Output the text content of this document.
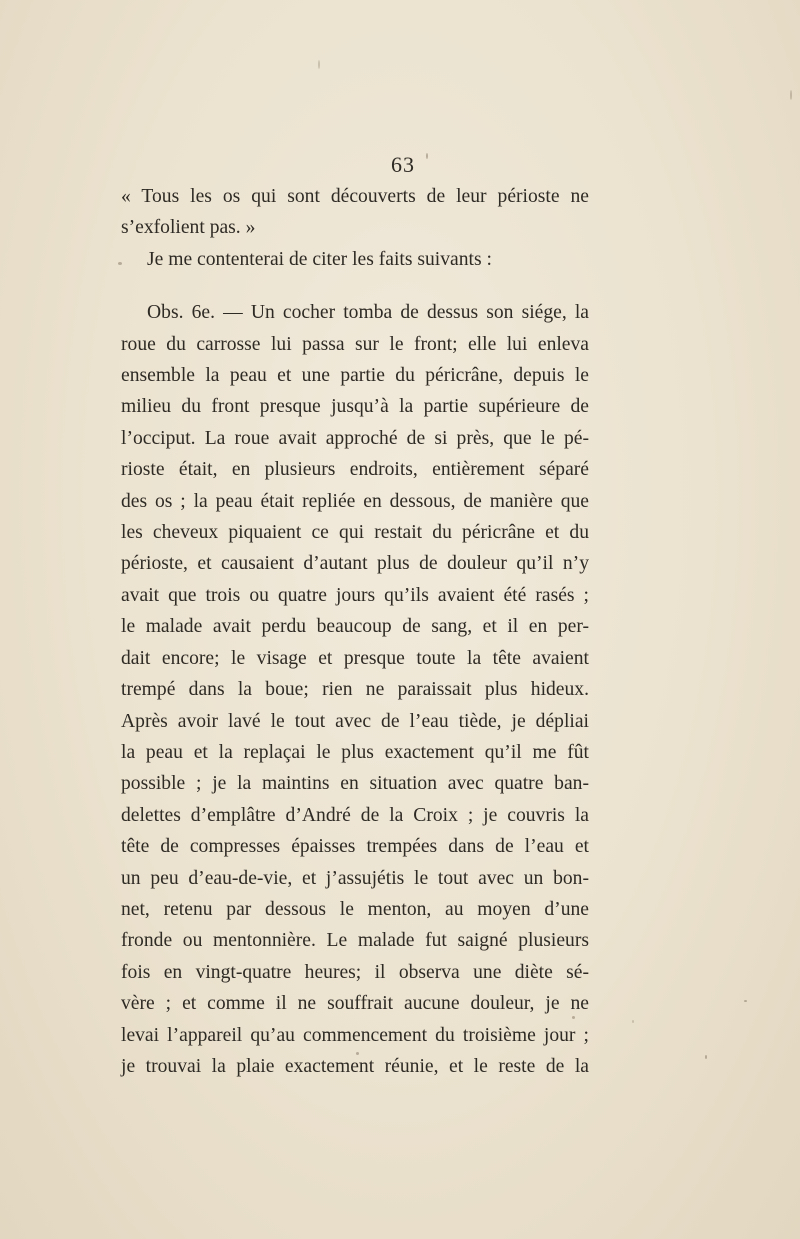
63
« Tous les os qui sont découverts de leur périoste ne
s’exfolient pas. »
Je me contenterai de citer les faits suivants :
Obs. 6e. — Un cocher tomba de dessus son siége, la
roue du carrosse lui passa sur le front; elle lui enleva
ensemble la peau et une partie du péricrâne, depuis le
milieu du front presque jusqu’à la partie supérieure de
l’occiput. La roue avait approché de si près, que le pé-
rioste était, en plusieurs endroits, entièrement séparé
des os ; la peau était repliée en dessous, de manière que
les cheveux piquaient ce qui restait du péricrâne et du
périoste, et causaient d’autant plus de douleur qu’il n’y
avait que trois ou quatre jours qu’ils avaient été rasés ;
le malade avait perdu beaucoup de sang, et il en per-
dait encore; le visage et presque toute la tête avaient
trempé dans la boue; rien ne paraissait plus hideux.
Après avoir lavé le tout avec de l’eau tiède, je dépliai
la peau et la replaçai le plus exactement qu’il me fût
possible ; je la maintins en situation avec quatre ban-
delettes d’emplâtre d’André de la Croix ; je couvris la
tête de compresses épaisses trempées dans de l’eau et
un peu d’eau-de-vie, et j’assujétis le tout avec un bon-
net, retenu par dessous le menton, au moyen d’une
fronde ou mentonnière. Le malade fut saigné plusieurs
fois en vingt-quatre heures; il observa une diète sé-
vère ; et comme il ne souffrait aucune douleur, je ne
levai l’appareil qu’au commencement du troisième jour ;
je trouvai la plaie exactement réunie, et le reste de la
